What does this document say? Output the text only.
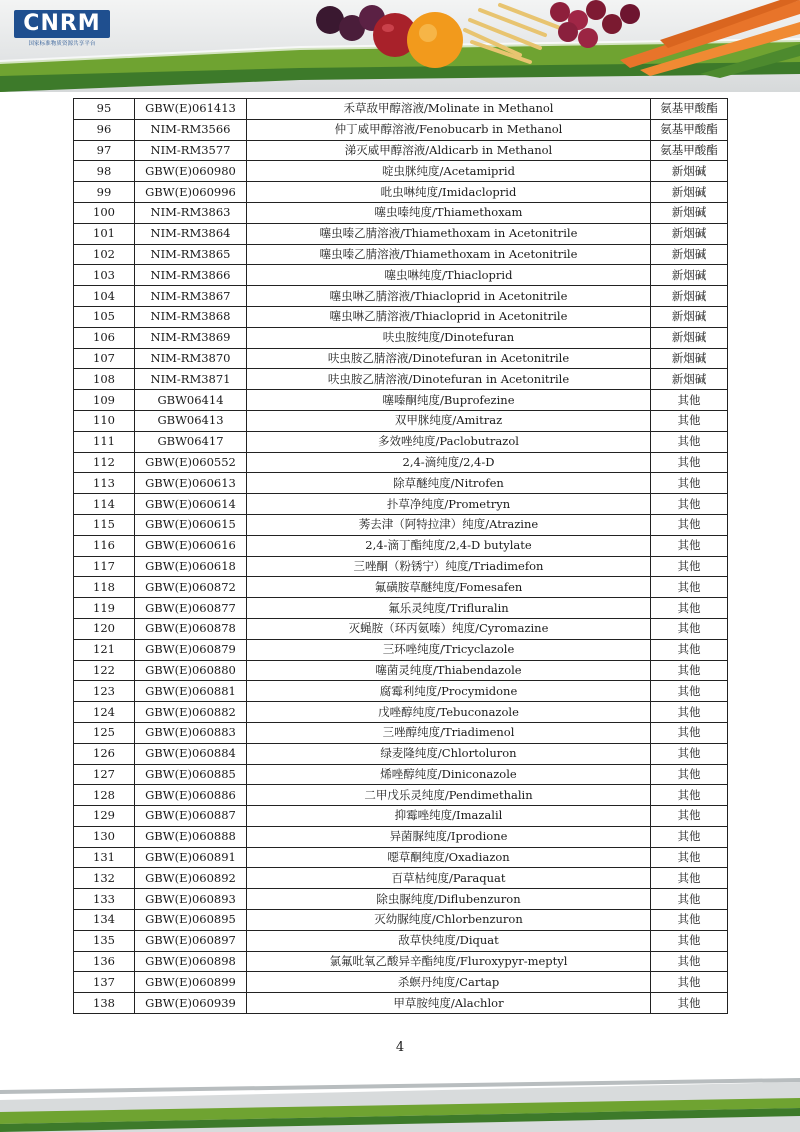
CNRM
国家标准物质资源共享平台
95	GBW(E)061413	禾草敌甲醇溶液/Molinate in Methanol	氨基甲酸酯
96	NIM-RM3566	仲丁威甲醇溶液/Fenobucarb in Methanol	氨基甲酸酯
97	NIM-RM3577	涕灭威甲醇溶液/Aldicarb in Methanol	氨基甲酸酯
98	GBW(E)060980	啶虫脒纯度/Acetamiprid	新烟碱
99	GBW(E)060996	吡虫啉纯度/Imidacloprid	新烟碱
100	NIM-RM3863	噻虫嗪纯度/Thiamethoxam	新烟碱
101	NIM-RM3864	噻虫嗪乙腈溶液/Thiamethoxam in Acetonitrile	新烟碱
102	NIM-RM3865	噻虫嗪乙腈溶液/Thiamethoxam in Acetonitrile	新烟碱
103	NIM-RM3866	噻虫啉纯度/Thiacloprid	新烟碱
104	NIM-RM3867	噻虫啉乙腈溶液/Thiacloprid in Acetonitrile	新烟碱
105	NIM-RM3868	噻虫啉乙腈溶液/Thiacloprid in Acetonitrile	新烟碱
106	NIM-RM3869	呋虫胺纯度/Dinotefuran	新烟碱
107	NIM-RM3870	呋虫胺乙腈溶液/Dinotefuran in Acetonitrile	新烟碱
108	NIM-RM3871	呋虫胺乙腈溶液/Dinotefuran in Acetonitrile	新烟碱
109	GBW06414	噻嗪酮纯度/Buprofezine	其他
110	GBW06413	双甲脒纯度/Amitraz	其他
111	GBW06417	多效唑纯度/Paclobutrazol	其他
112	GBW(E)060552	2,4-滴纯度/2,4-D	其他
113	GBW(E)060613	除草醚纯度/Nitrofen	其他
114	GBW(E)060614	扑草净纯度/Prometryn	其他
115	GBW(E)060615	莠去津（阿特拉津）纯度/Atrazine	其他
116	GBW(E)060616	2,4-滴丁酯纯度/2,4-D butylate	其他
117	GBW(E)060618	三唑酮（粉锈宁）纯度/Triadimefon	其他
118	GBW(E)060872	氟磺胺草醚纯度/Fomesafen	其他
119	GBW(E)060877	氟乐灵纯度/Trifluralin	其他
120	GBW(E)060878	灭蝇胺（环丙氨嗪）纯度/Cyromazine	其他
121	GBW(E)060879	三环唑纯度/Tricyclazole	其他
122	GBW(E)060880	噻菌灵纯度/Thiabendazole	其他
123	GBW(E)060881	腐霉利纯度/Procymidone	其他
124	GBW(E)060882	戊唑醇纯度/Tebuconazole	其他
125	GBW(E)060883	三唑醇纯度/Triadimenol	其他
126	GBW(E)060884	绿麦隆纯度/Chlortoluron	其他
127	GBW(E)060885	烯唑醇纯度/Diniconazole	其他
128	GBW(E)060886	二甲戊乐灵纯度/Pendimethalin	其他
129	GBW(E)060887	抑霉唑纯度/Imazalil	其他
130	GBW(E)060888	异菌脲纯度/Iprodione	其他
131	GBW(E)060891	噁草酮纯度/Oxadiazon	其他
132	GBW(E)060892	百草枯纯度/Paraquat	其他
133	GBW(E)060893	除虫脲纯度/Diflubenzuron	其他
134	GBW(E)060895	灭幼脲纯度/Chlorbenzuron	其他
135	GBW(E)060897	敌草快纯度/Diquat	其他
136	GBW(E)060898	氯氟吡氧乙酸异辛酯纯度/Fluroxypyr-meptyl	其他
137	GBW(E)060899	杀螟丹纯度/Cartap	其他
138	GBW(E)060939	甲草胺纯度/Alachlor	其他
4
